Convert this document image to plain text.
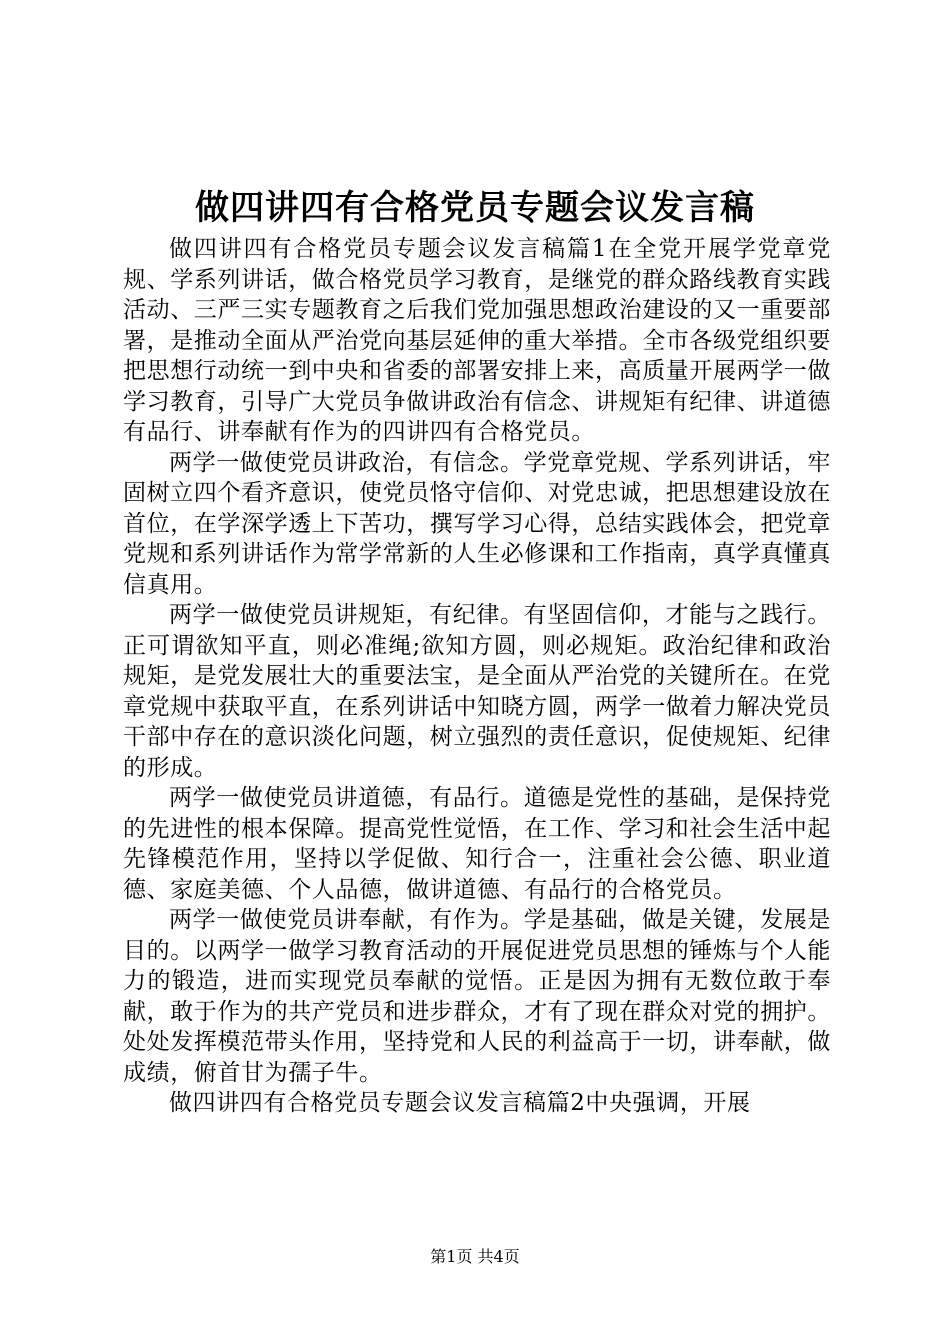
做四讲四有合格党员专题会议发言稿

做四讲四有合格党员专题会议发言稿篇1在全党开展学党章党规、学系列讲话，做合格党员学习教育，是继党的群众路线教育实践活动、三严三实专题教育之后我们党加强思想政治建设的又一重要部署，是推动全面从严治党向基层延伸的重大举措。全市各级党组织要把思想行动统一到中央和省委的部署安排上来，高质量开展两学一做学习教育，引导广大党员争做讲政治有信念、讲规矩有纪律、讲道德有品行、讲奉献有作为的四讲四有合格党员。

两学一做使党员讲政治，有信念。学党章党规、学系列讲话，牢固树立四个看齐意识，使党员恪守信仰、对党忠诚，把思想建设放在首位，在学深学透上下苦功，撰写学习心得，总结实践体会，把党章党规和系列讲话作为常学常新的人生必修课和工作指南，真学真懂真信真用。

两学一做使党员讲规矩，有纪律。有坚固信仰，才能与之践行。正可谓欲知平直，则必准绳;欲知方圆，则必规矩。政治纪律和政治规矩，是党发展壮大的重要法宝，是全面从严治党的关键所在。在党章党规中获取平直，在系列讲话中知晓方圆，两学一做着力解决党员干部中存在的意识淡化问题，树立强烈的责任意识，促使规矩、纪律的形成。

两学一做使党员讲道德，有品行。道德是党性的基础，是保持党的先进性的根本保障。提高党性觉悟，在工作、学习和社会生活中起先锋模范作用，坚持以学促做、知行合一，注重社会公德、职业道德、家庭美德、个人品德，做讲道德、有品行的合格党员。

两学一做使党员讲奉献，有作为。学是基础，做是关键，发展是目的。以两学一做学习教育活动的开展促进党员思想的锤炼与个人能力的锻造，进而实现党员奉献的觉悟。正是因为拥有无数位敢于奉献，敢于作为的共产党员和进步群众，才有了现在群众对党的拥护。处处发挥模范带头作用，坚持党和人民的利益高于一切，讲奉献，做成绩，俯首甘为孺子牛。

做四讲四有合格党员专题会议发言稿篇2中央强调，开展

第1页 共4页
